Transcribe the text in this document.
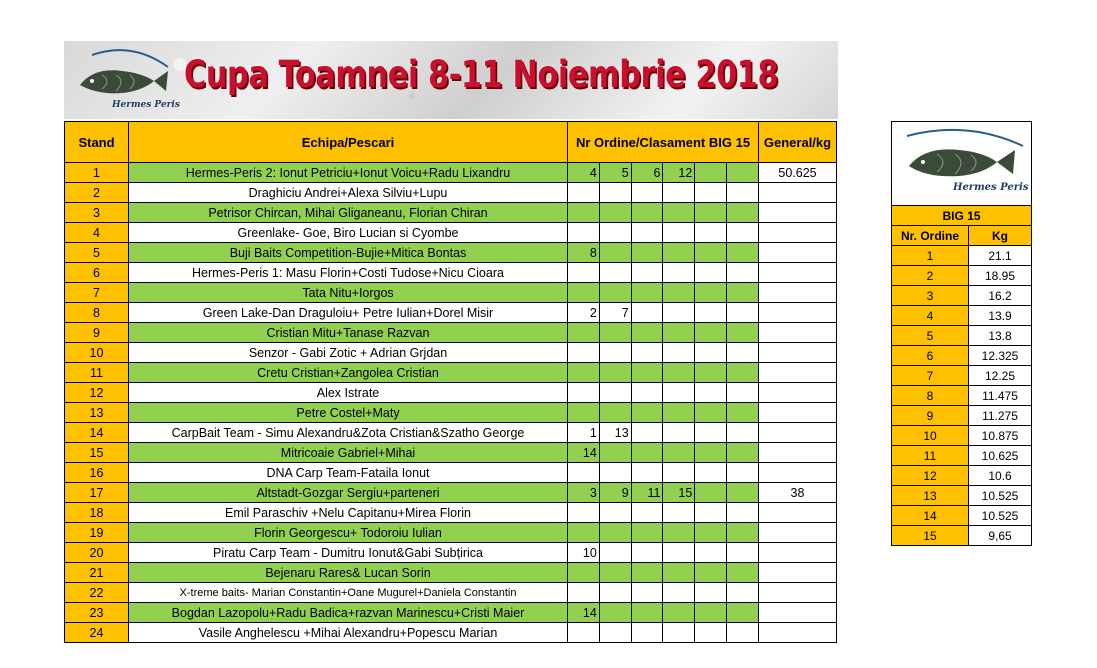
Hermes Peris
Cupa Toamnei 8-11 Noiembrie 2018
Stand	Echipa/Pescari	Nr Ordine/Clasament BIG 15						General/kg
1	Hermes-Peris 2: Ionut Petriciu+Ionut Voicu+Radu Lixandru	4	5	6	12			50.625
2	Draghiciu Andrei+Alexa Silviu+Lupu							
3	Petrisor Chircan, Mihai Gliganeanu, Florian Chiran							
4	Greenlake- Goe, Biro Lucian si Cyombe							
5	Buji Baits Competition-Bujie+Mitica Bontas	8						
6	Hermes-Peris 1: Masu Florin+Costi Tudose+Nicu Cioara							
7	Tata Nitu+Iorgos							
8	Green Lake-Dan Draguloiu+ Petre Iulian+Dorel Misir	2	7					
9	Cristian Mitu+Tanase Razvan							
10	Senzor - Gabi Zotic + Adrian Grjdan							
11	Cretu Cristian+Zangolea Cristian							
12	Alex Istrate							
13	Petre Costel+Maty							
14	CarpBait Team - Simu Alexandru&Zota Cristian&Szatho George	1	13					
15	Mitricoaie Gabriel+Mihai	14						
16	DNA Carp Team-Fataila Ionut							
17	Altstadt-Gozgar Sergiu+parteneri	3	9	11	15			38
18	Emil Paraschiv +Nelu Capitanu+Mirea Florin							
19	Florin Georgescu+ Todoroiu Iulian							
20	Piratu Carp Team - Dumitru Ionut&Gabi Subțirica	10						
21	Bejenaru Rares& Lucan Sorin							
22	X-treme baits- Marian Constantin+Oane Mugurel+Daniela Constantin							
23	Bogdan Lazopolu+Radu Badica+razvan Marinescu+Cristi Maier	14						
24	Vasile Anghelescu +Mihai Alexandru+Popescu Marian							
Hermes Peris	

BIG 15	
Nr. Ordine	Kg
1	21.1
2	18.95
3	16.2
4	13.9
5	13.8
6	12.325
7	12.25
8	11.475
9	11.275
10	10.875
11	10.625
12	10.6
13	10.525
14	10.525
15	9,65
